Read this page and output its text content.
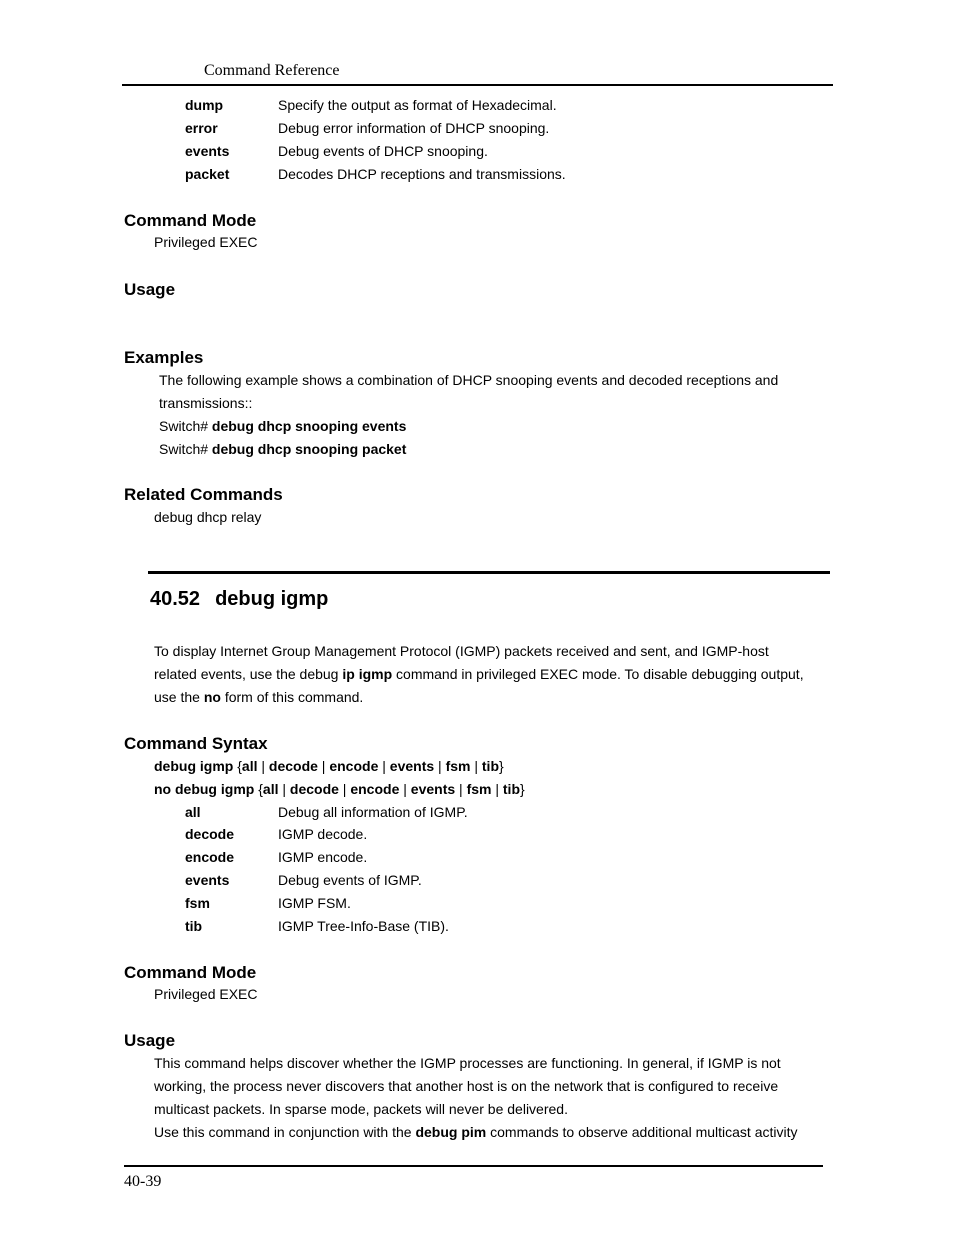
Command Reference
dump	Specify the output as format of Hexadecimal.
error	Debug error information of DHCP snooping.
events	Debug events of DHCP snooping.
packet	Decodes DHCP receptions and transmissions.
Command Mode
Privileged EXEC
Usage
Examples
The following example shows a combination of DHCP snooping events and decoded receptions and
transmissions::
Switch# debug dhcp snooping events
Switch# debug dhcp snooping packet
Related Commands
debug dhcp relay
40.52 debug igmp
To display Internet Group Management Protocol (IGMP) packets received and sent, and IGMP-host
related events, use the debug ip igmp command in privileged EXEC mode. To disable debugging output,
use the no form of this command.
Command Syntax
debug igmp {all | decode | encode | events | fsm | tib}
no debug igmp {all | decode | encode | events | fsm | tib}
all	Debug all information of IGMP.
decode	IGMP decode.
encode	IGMP encode.
events	Debug events of IGMP.
fsm	IGMP FSM.
tib	IGMP Tree-Info-Base (TIB).
Command Mode
Privileged EXEC
Usage
This command helps discover whether the IGMP processes are functioning. In general, if IGMP is not
working, the process never discovers that another host is on the network that is configured to receive
multicast packets. In sparse mode, packets will never be delivered.
Use this command in conjunction with the debug pim commands to observe additional multicast activity
40-39
